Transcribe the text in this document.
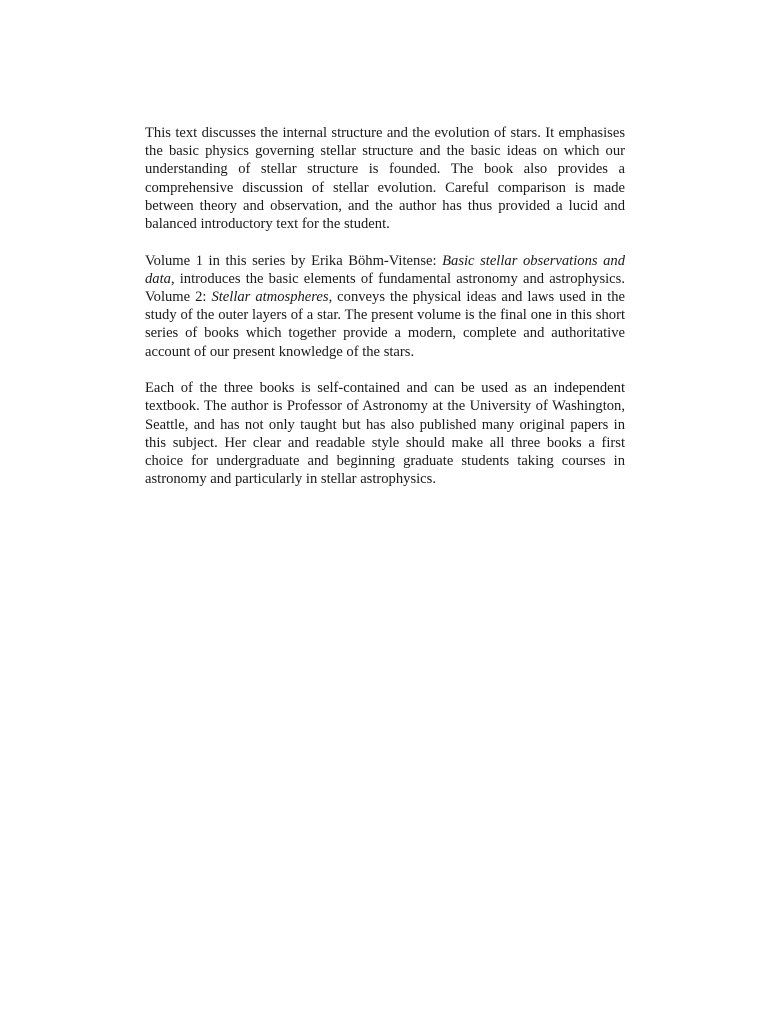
This text discusses the internal structure and the evolution of stars. It emphasises the basic physics governing stellar structure and the basic ideas on which our understanding of stellar structure is founded. The book also provides a comprehensive discussion of stellar evolution. Careful comparison is made between theory and observation, and the author has thus provided a lucid and balanced introductory text for the student.

Volume 1 in this series by Erika Böhm-Vitense: Basic stellar observations and data, introduces the basic elements of fundamental astronomy and astrophysics. Volume 2: Stellar atmospheres, conveys the physical ideas and laws used in the study of the outer layers of a star. The present volume is the final one in this short series of books which together provide a modern, complete and authoritative account of our present knowledge of the stars.

Each of the three books is self-contained and can be used as an independent textbook. The author is Professor of Astronomy at the University of Washington, Seattle, and has not only taught but has also published many original papers in this subject. Her clear and readable style should make all three books a first choice for undergraduate and beginning graduate students taking courses in astronomy and particularly in stellar astrophysics.
